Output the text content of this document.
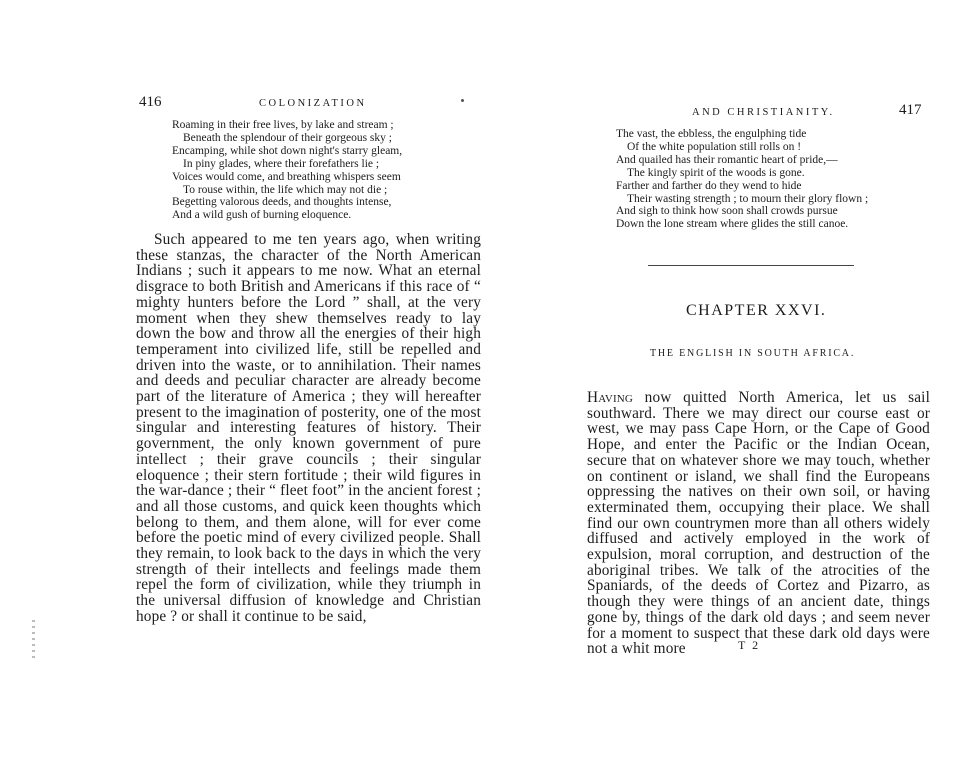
416	COLONIZATION
Roaming in their free lives, by lake and stream ;
Beneath the splendour of their gorgeous sky ;
Encamping, while shot down night's starry gleam,
In piny glades, where their forefathers lie ;
Voices would come, and breathing whispers seem
To rouse within, the life which may not die ;
Begetting valorous deeds, and thoughts intense,
And a wild gush of burning eloquence.

Such appeared to me ten years ago, when writing these stanzas, the character of the North American Indians ; such it appears to me now. What an eternal disgrace to both British and Americans if this race of “ mighty hunters before the Lord ” shall, at the very moment when they shew themselves ready to lay down the bow and throw all the energies of their high temperament into civilized life, still be repelled and driven into the waste, or to annihilation. Their names and deeds and peculiar character are already become part of the literature of America ; they will hereafter present to the imagination of posterity, one of the most singular and interesting features of history. Their government, the only known government of pure intellect ; their grave councils ; their singular eloquence ; their stern fortitude ; their wild figures in the war-dance ; their “ fleet foot” in the ancient forest ; and all those customs, and quick keen thoughts which belong to them, and them alone, will for ever come before the poetic mind of every civilized people. Shall they remain, to look back to the days in which the very strength of their intellects and feelings made them repel the form of civilization, while they triumph in the universal diffusion of knowledge and Christian hope ? or shall it continue to be said,

AND CHRISTIANITY.	417
The vast, the ebbless, the engulphing tide
Of the white population still rolls on !
And quailed has their romantic heart of pride,—
The kingly spirit of the woods is gone.
Farther and farther do they wend to hide
Their wasting strength ; to mourn their glory flown ;
And sigh to think how soon shall crowds pursue
Down the lone stream where glides the still canoe.
CHAPTER XXVI.
THE ENGLISH IN SOUTH AFRICA.

Having now quitted North America, let us sail southward. There we may direct our course east or west, we may pass Cape Horn, or the Cape of Good Hope, and enter the Pacific or the Indian Ocean, secure that on whatever shore we may touch, whether on continent or island, we shall find the Europeans oppressing the natives on their own soil, or having exterminated them, occupying their place. We shall find our own countrymen more than all others widely diffused and actively employed in the work of expulsion, moral corruption, and destruction of the aboriginal tribes. We talk of the atrocities of the Spaniards, of the deeds of Cortez and Pizarro, as though they were things of an ancient date, things gone by, things of the dark old days ; and seem never for a moment to suspect that these dark old days were not a whit more	T 2
